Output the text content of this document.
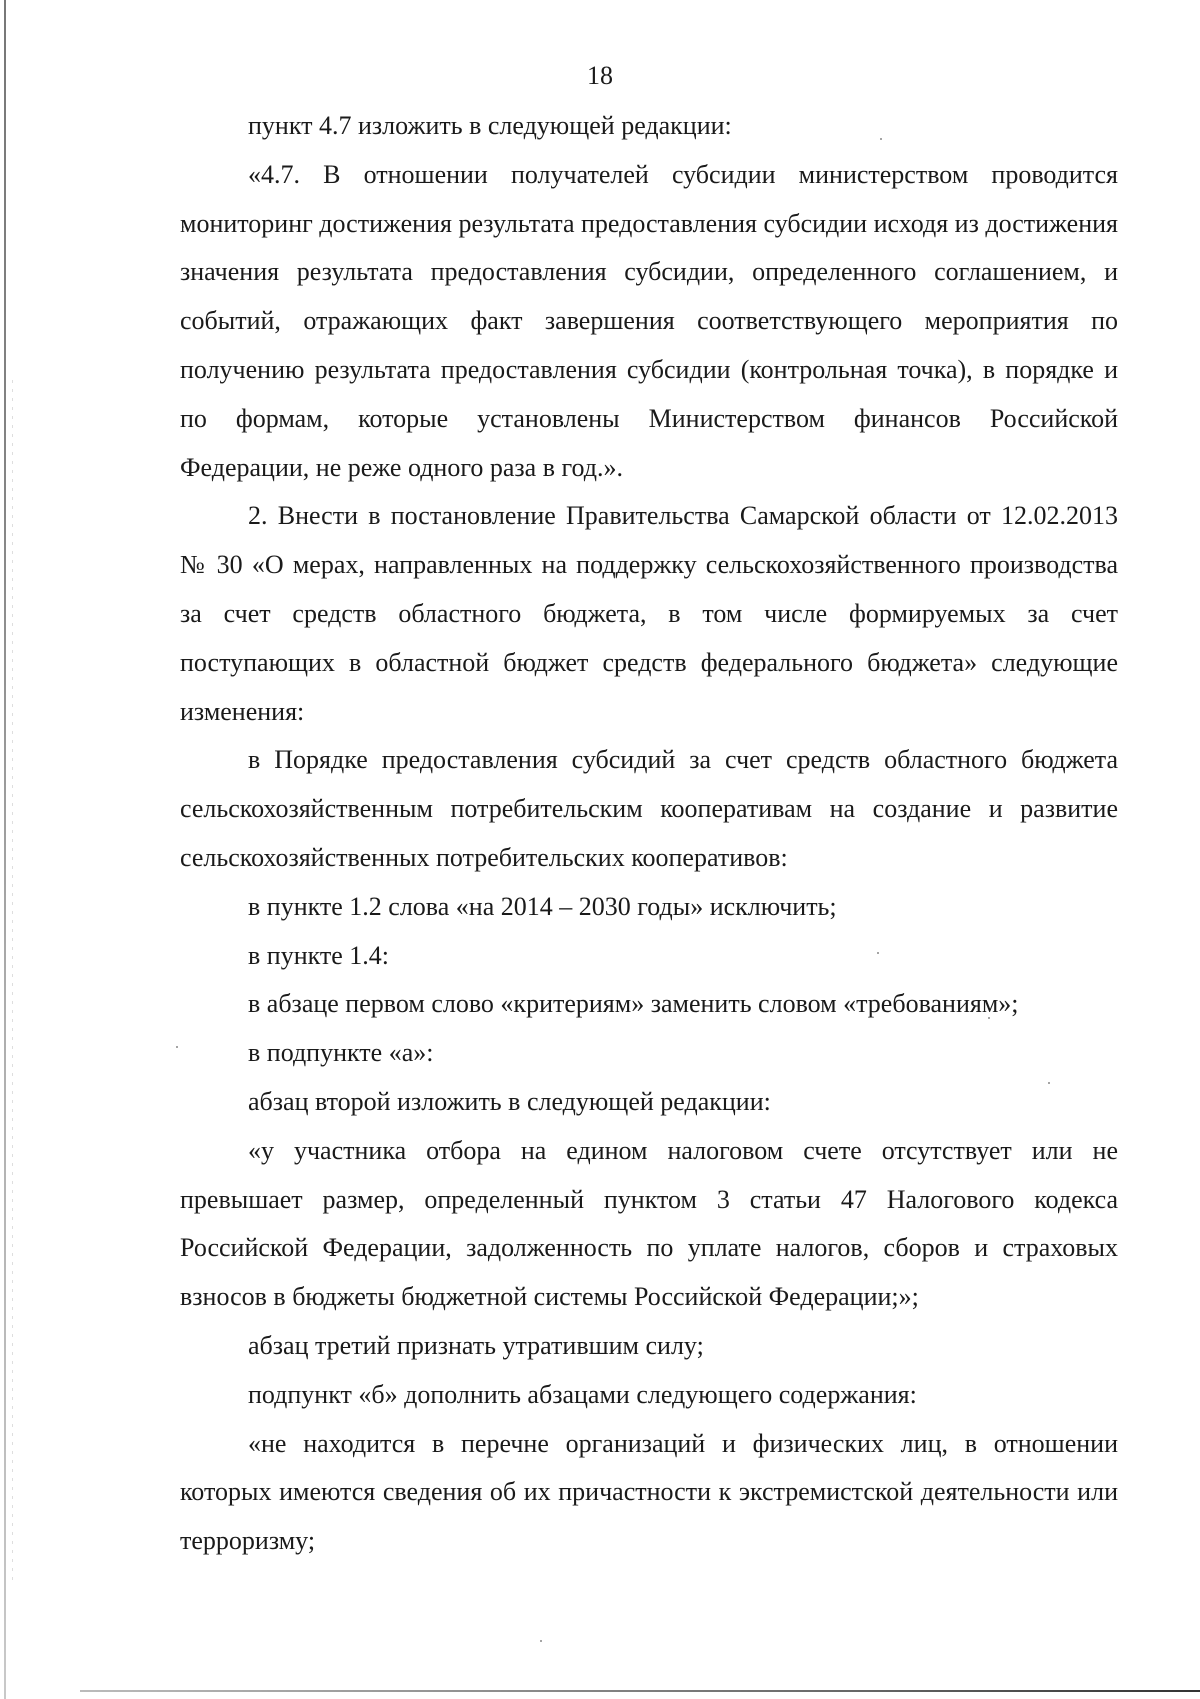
18

пункт 4.7 изложить в следующей редакции:

«4.7. В отношении получателей субсидии министерством проводится мониторинг достижения результата предоставления субсидии исходя из достижения значения результата предоставления субсидии, определенного соглашением, и событий, отражающих факт завершения соответствующего мероприятия по получению результата предоставления субсидии (контрольная точка), в порядке и по формам, которые установлены Министерством финансов Российской Федерации, не реже одного раза в год.».

2. Внести в постановление Правительства Самарской области от 12.02.2013 № 30 «О мерах, направленных на поддержку сельскохозяйственного производства за счет средств областного бюджета, в том числе формируемых за счет поступающих в областной бюджет средств федерального бюджета» следующие изменения:

в Порядке предоставления субсидий за счет средств областного бюджета сельскохозяйственным потребительским кооперативам на создание и развитие сельскохозяйственных потребительских кооперативов:

в пункте 1.2 слова «на 2014 – 2030 годы» исключить;

в пункте 1.4:

в абзаце первом слово «критериям» заменить словом «требованиям»;

в подпункте «а»:

абзац второй изложить в следующей редакции:

«у участника отбора на едином налоговом счете отсутствует или не превышает размер, определенный пунктом 3 статьи 47 Налогового кодекса Российской Федерации, задолженность по уплате налогов, сборов и страховых взносов в бюджеты бюджетной системы Российской Федерации;»;

абзац третий признать утратившим силу;

подпункт «б» дополнить абзацами следующего содержания:

«не находится в перечне организаций и физических лиц, в отношении которых имеются сведения об их причастности к экстремистской деятельности или терроризму;
